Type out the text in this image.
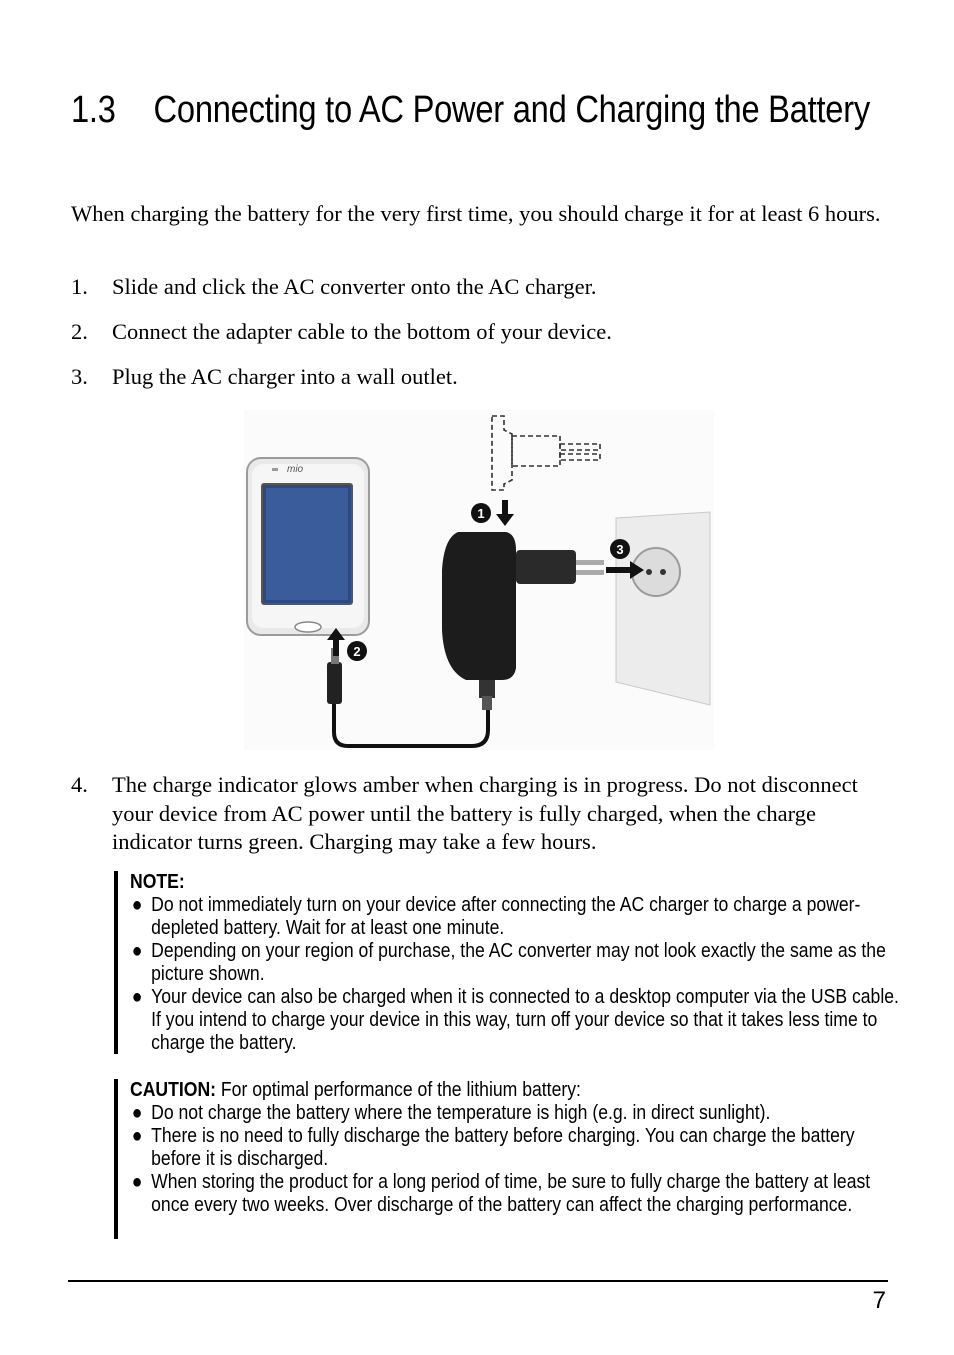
1.3 Connecting to AC Power and Charging the Battery
When charging the battery for the very first time, you should charge it for at least 6 hours.
1. Slide and click the AC converter onto the AC charger.
2. Connect the adapter cable to the bottom of your device.
3. Plug the AC charger into a wall outlet.
mio
1
2
3
4. The charge indicator glows amber when charging is in progress. Do not disconnect your device from AC power until the battery is fully charged, when the charge indicator turns green. Charging may take a few hours.
NOTE:
● Do not immediately turn on your device after connecting the AC charger to charge a power-depleted battery. Wait for at least one minute.
● Depending on your region of purchase, the AC converter may not look exactly the same as the picture shown.
● Your device can also be charged when it is connected to a desktop computer via the USB cable. If you intend to charge your device in this way, turn off your device so that it takes less time to charge the battery.
CAUTION: For optimal performance of the lithium battery:
● Do not charge the battery where the temperature is high (e.g. in direct sunlight).
● There is no need to fully discharge the battery before charging. You can charge the battery before it is discharged.
● When storing the product for a long period of time, be sure to fully charge the battery at least once every two weeks. Over discharge of the battery can affect the charging performance.
7
